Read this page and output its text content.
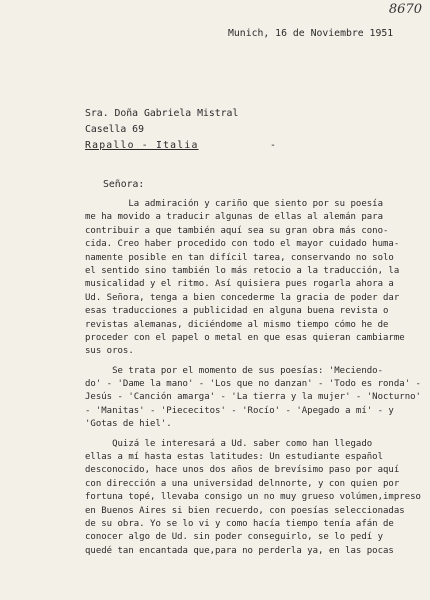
8670
Munich, 16 de Noviembre 1951
Sra. Doña Gabriela Mistral
Casella 69
Rapallo - Italia	-
Señora:
La admiración y cariño que siento por su poesía
me ha movido a traducir algunas de ellas al alemán para
contribuir a que también aquí sea su gran obra más cono-
cida. Creo haber procedido con todo el mayor cuidado huma-
namente posible en tan difícil tarea, conservando no solo
el sentido sino también lo más retocio a la traducción, la
musicalidad y el ritmo. Así quisiera pues rogarla ahora a
Ud. Señora, tenga a bien concederme la gracia de poder dar
esas traducciones a publicidad en alguna buena revista o
revistas alemanas, diciéndome al mismo tiempo cómo he de
proceder con el papel o metal en que esas quieran cambiarme
sus oros.
Se trata por el momento de sus poesías: 'Meciendo-
do' - 'Dame la mano' - 'Los que no danzan' - 'Todo es ronda' -
Jesús - 'Canción amarga' - 'La tierra y la mujer' - 'Nocturno'
- 'Manitas' - 'Piececitos' - 'Rocío' - 'Apegado a mí' - y
'Gotas de hiel'.
Quizá le interesará a Ud. saber como han llegado
ellas a mí hasta estas latitudes: Un estudiante español
desconocido, hace unos dos años de brevísimo paso por aquí
con dirección a una universidad delnnorte, y con quien por
fortuna topé, llevaba consigo un no muy grueso volúmen,impreso
en Buenos Aires si bien recuerdo, con poesías seleccionadas
de su obra. Yo se lo vi y como hacía tiempo tenía afán de
conocer algo de Ud. sin poder conseguirlo, se lo pedí y
quedé tan encantada que,para no perderla ya, en las pocas
